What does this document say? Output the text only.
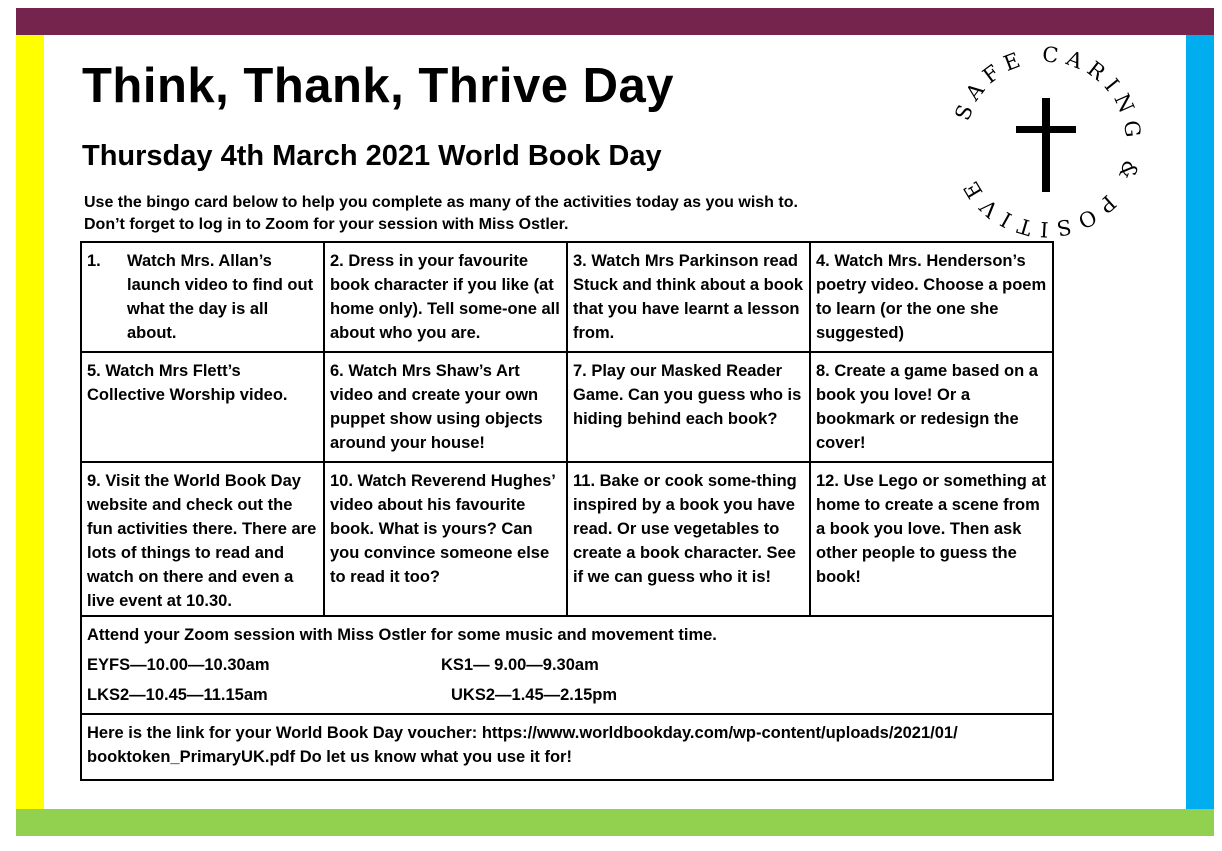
Think, Thank, Thrive Day
Thursday 4th March 2021 World Book Day
Use the bingo card below to help you complete as many of the activities today as you wish to.
Don’t forget to log in to Zoom for your session with Miss Ostler.
SAFE CARING & POSITIVE
1. Watch Mrs. Allan’s launch video to find out what the day is all about.	2. Dress in your favourite book character if you like (at home only). Tell some-one all about who you are.	3. Watch Mrs Parkinson read Stuck and think about a book that you have learnt a lesson from.	4. Watch Mrs. Henderson’s poetry video. Choose a poem to learn (or the one she suggested)
5. Watch Mrs Flett’s Collective Worship video.	6. Watch Mrs Shaw’s Art video and create your own puppet show using objects around your house!	7. Play our Masked Reader Game. Can you guess who is hiding behind each book?	8. Create a game based on a book you love! Or a bookmark or redesign the cover!
9. Visit the World Book Day website and check out the fun activities there. There are lots of things to read and watch on there and even a live event at 10.30.	10. Watch Reverend Hughes’ video about his favourite book. What is yours? Can you convince someone else to read it too?	11. Bake or cook some-thing inspired by a book you have read. Or use vegetables to create a book character. See if we can guess who it is!	12. Use Lego or something at home to create a scene from a book you love. Then ask other people to guess the book!

Attend your Zoom session with Miss Ostler for some music and movement time.
EYFS—10.00—10.30am KS1— 9.00—9.30am
LKS2—10.45—11.15am UKS2—1.45—2.15pm			

Here is the link for your World Book Day voucher: https://www.worldbookday.com/wp-content/uploads/2021/01/ booktoken_PrimaryUK.pdf Do let us know what you use it for!			
